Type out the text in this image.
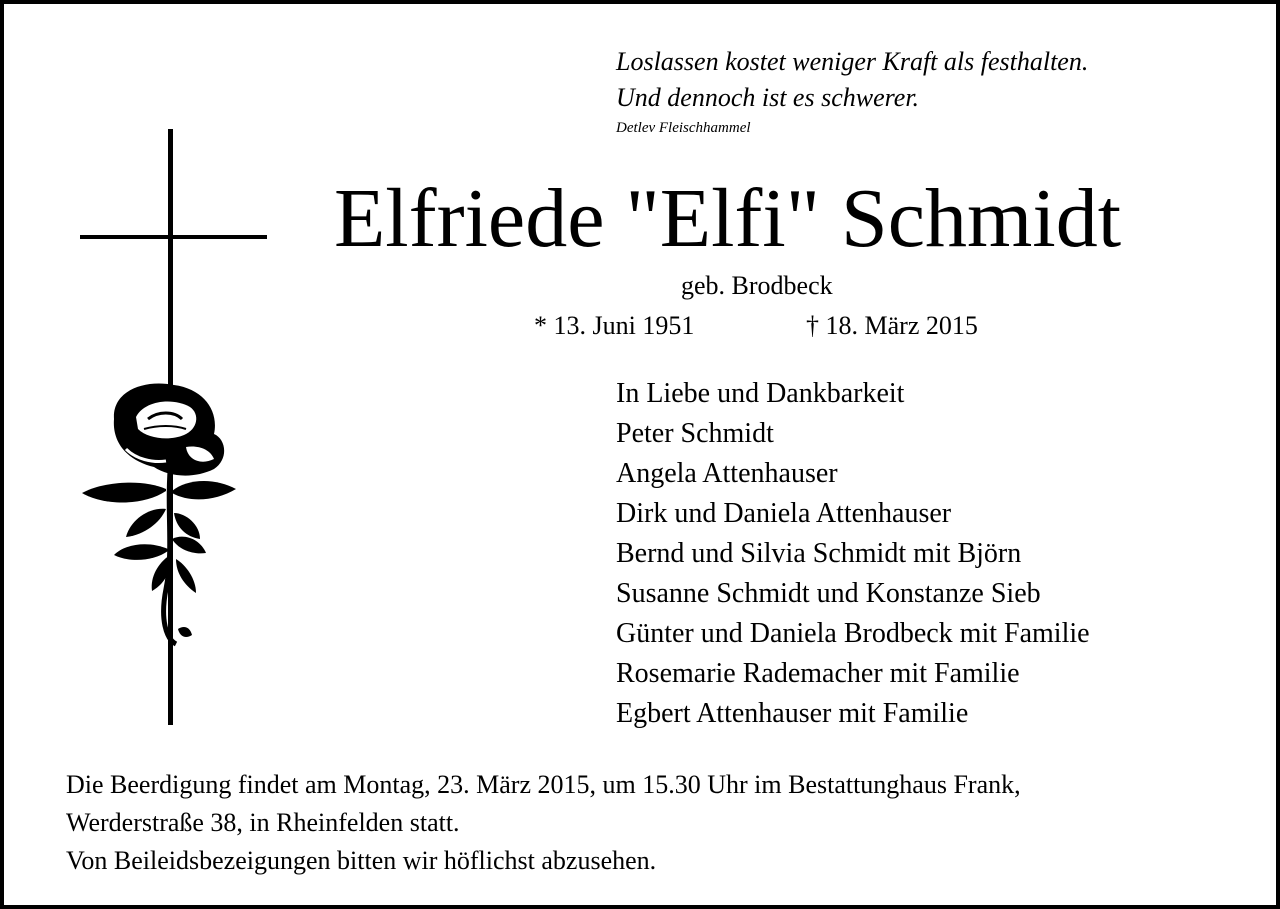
Loslassen kostet weniger Kraft als festhalten.
Und dennoch ist es schwerer.
Detlev Fleischhammel
Elfriede "Elfi" Schmidt
geb. Brodbeck
* 13. Juni 1951	† 18. März 2015
In Liebe und Dankbarkeit
Peter Schmidt
Angela Attenhauser
Dirk und Daniela Attenhauser
Bernd und Silvia Schmidt mit Björn
Susanne Schmidt und Konstanze Sieb
Günter und Daniela Brodbeck mit Familie
Rosemarie Rademacher mit Familie
Egbert Attenhauser mit Familie
Die Beerdigung findet am Montag, 23. März 2015, um 15.30 Uhr im Bestattunghaus Frank,
Werderstraße 38, in Rheinfelden statt.
Von Beileidsbezeigungen bitten wir höflichst abzusehen.
